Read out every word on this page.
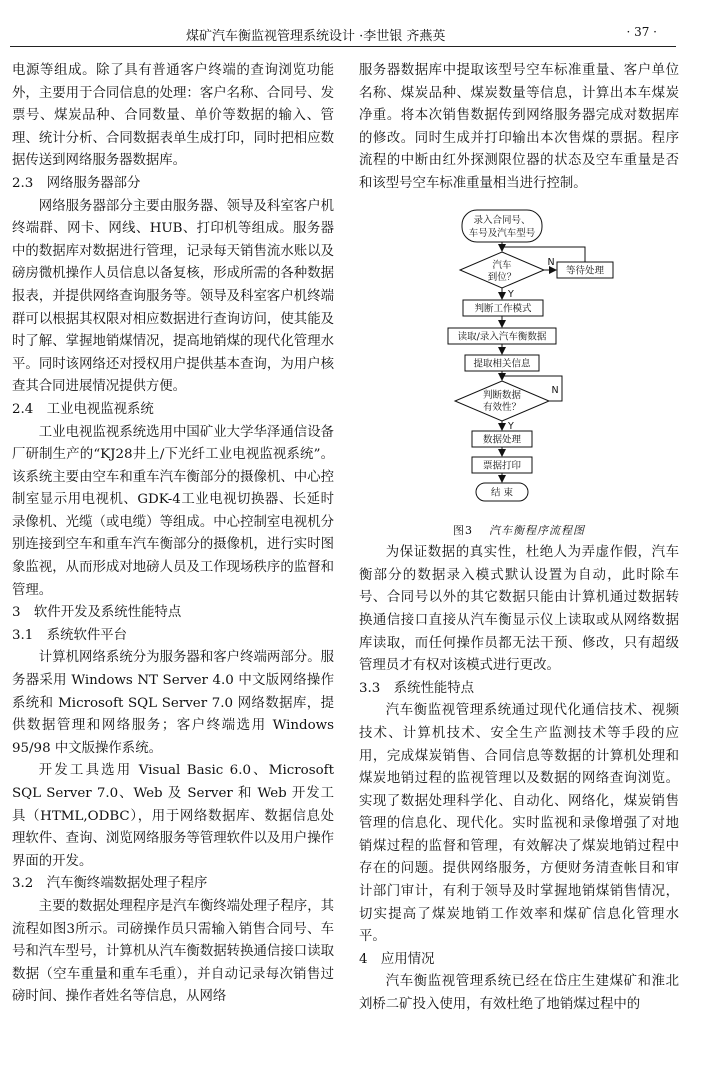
煤矿汽车衡监视管理系统设计 ·李世银 齐燕英	· 37 ·

电源等组成。除了具有普通客户终端的查询浏览功能外，主要用于合同信息的处理：客户名称、合同号、发票号、煤炭品种、合同数量、单价等数据的输入、管理、统计分析、合同数据表单生成打印，同时把相应数据传送到网络服务器数据库。

2.3 网络服务器部分

网络服务器部分主要由服务器、领导及科室客户机终端群、网卡、网线、HUB、打印机等组成。服务器中的数据库对数据进行管理，记录每天销售流水账以及磅房微机操作人员信息以备复核，形成所需的各种数据报表，并提供网络查询服务等。领导及科室客户机终端群可以根据其权限对相应数据进行查询访问，使其能及时了解、掌握地销煤情况，提高地销煤的现代化管理水平。同时该网络还对授权用户提供基本查询，为用户核查其合同进展情况提供方便。

2.4 工业电视监视系统

工业电视监视系统选用中国矿业大学华泽通信设备厂研制生产的“KJ28井上/下光纤工业电视监视系统”。该系统主要由空车和重车汽车衡部分的摄像机、中心控制室显示用电视机、GDK-4工业电视切换器、长延时录像机、光缆（或电缆）等组成。中心控制室电视机分别连接到空车和重车汽车衡部分的摄像机，进行实时图象监视，从而形成对地磅人员及工作现场秩序的监督和管理。

3 软件开发及系统性能特点

3.1 系统软件平台

计算机网络系统分为服务器和客户终端两部分。服务器采用 Windows NT Server 4.0 中文版网络操作系统和 Microsoft SQL Server 7.0 网络数据库，提供数据管理和网络服务；客户终端选用 Windows 95/98 中文版操作系统。

开发工具选用 Visual Basic 6.0、Microsoft SQL Server 7.0、Web 及 Server 和 Web 开发工具（HTML,ODBC），用于网络数据库、数据信息处理软件、查询、浏览网络服务等管理软件以及用户操作界面的开发。

3.2 汽车衡终端数据处理子程序

主要的数据处理程序是汽车衡终端处理子程序，其流程如图3所示。司磅操作员只需输入销售合同号、车号和汽车型号，计算机从汽车衡数据转换通信接口读取数据（空车重量和重车毛重），并自动记录每次销售过磅时间、操作者姓名等信息，从网络

服务器数据库中提取该型号空车标准重量、客户单位名称、煤炭品种、煤炭数量等信息，计算出本车煤炭净重。将本次销售数据传到网络服务器完成对数据库的修改。同时生成并打印输出本次售煤的票据。程序流程的中断由红外探测限位器的状态及空车重量是否和该型号空车标准重量相当进行控制。

录入合同号、
车号及汽车型号
汽车
到位？
N
等待处理
Y
判断工作模式
读取/录入汽车衡数据
提取相关信息
判断数据
有效性？
N
Y
数据处理
票据打印
结 束

图3 汽车衡程序流程图

为保证数据的真实性，杜绝人为弄虚作假，汽车衡部分的数据录入模式默认设置为自动，此时除车号、合同号以外的其它数据只能由计算机通过数据转换通信接口直接从汽车衡显示仪上读取或从网络数据库读取，而任何操作员都无法干预、修改，只有超级管理员才有权对该模式进行更改。

3.3 系统性能特点

汽车衡监视管理系统通过现代化通信技术、视频技术、计算机技术、安全生产监测技术等手段的应用，完成煤炭销售、合同信息等数据的计算机处理和煤炭地销过程的监视管理以及数据的网络查询浏览。实现了数据处理科学化、自动化、网络化，煤炭销售管理的信息化、现代化。实时监视和录像增强了对地销煤过程的监督和管理，有效解决了煤炭地销过程中存在的问题。提供网络服务，方便财务清查帐目和审计部门审计，有利于领导及时掌握地销煤销售情况，切实提高了煤炭地销工作效率和煤矿信息化管理水平。

4 应用情况

汽车衡监视管理系统已经在岱庄生建煤矿和淮北刘桥二矿投入使用，有效杜绝了地销煤过程中的
